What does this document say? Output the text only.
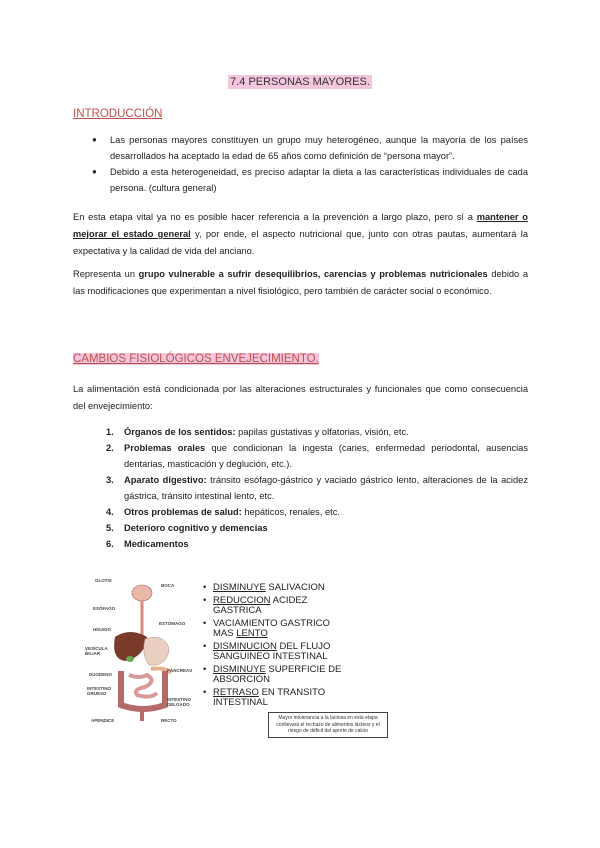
7.4 PERSONAS MAYORES.
INTRODUCCIÓN
● Las personas mayores constituyen un grupo muy heterogéneo, aunque la mayoría de los países desarrollados ha aceptado la edad de 65 años como definición de “persona mayor”.
● Debido a esta heterogeneidad, es preciso adaptar la dieta a las características individuales de cada persona. (cultura general)
En esta etapa vital ya no es posible hacer referencia a la prevención a largo plazo, pero sí a mantener o mejorar el estado general y, por ende, el aspecto nutricional que, junto con otras pautas, aumentará la expectativa y la calidad de vida del anciano.
Representa un grupo vulnerable a sufrir desequilibrios, carencias y problemas nutricionales debido a las modificaciones que experimentan a nivel fisiológico, pero también de carácter social o económico.
CAMBIOS FISIOLÓGICOS ENVEJECIMIENTO.
La alimentación está condicionada por las alteraciones estructurales y funcionales que como consecuencia del envejecimiento:
1. Órganos de los sentidos: papilas gustativas y olfatorias, visión, etc.
2. Problemas orales que condicionan la ingesta (caries, enfermedad periodontal, ausencias dentarias, masticación y deglución, etc.).
3. Aparato digestivo: tránsito esófago-gástrico y vaciado gástrico lento, alteraciones de la acidez gástrica, tránsito intestinal lento, etc.
4. Otros problemas de salud: hepáticos, renales, etc.
5. Deterioro cognitivo y demencias
6. Medicamentos
GLOTIS
BOCA
ESÓFAGO
ESTÓMAGO
HÍGADO
VESÍCULA BILIAR
PÁNCREAS
DUODENO
INTESTINO GRUESO
INTESTINO DELGADO
APÉNDICE	RECTO
• DISMINUYE SALIVACION
• REDUCCION ACIDEZ GASTRICA
• VACIAMIENTO GASTRICO MAS LENTO
• DISMINUCION DEL FLUJO SANGUINEO INTESTINAL
• DISMINUYE SUPERFICIE DE ABSORCION
• RETRASO EN TRANSITO INTESTINAL
Mayor intolerancia a la lactosa en esta etapa conllevará el rechazo de alimentos lácteos y el riesgo de déficit del aporte de calcio
